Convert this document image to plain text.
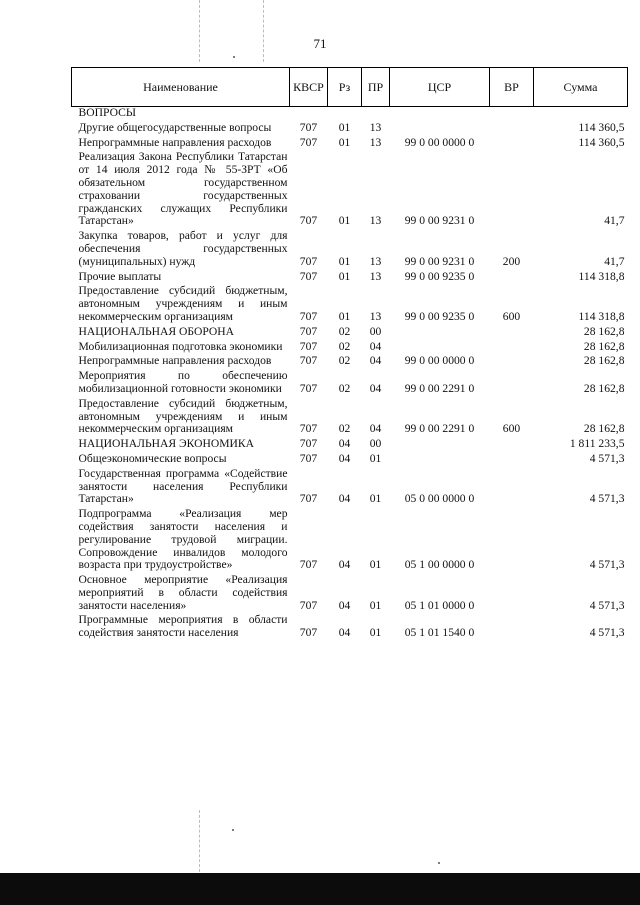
71
Наименование	КВСР	Рз	ПР	ЦСР	ВР	Сумма
ВОПРОСЫ						
Другие общегосударственные вопросы	707	01	13			114 360,5
Непрограммные направления расходов	707	01	13	99 0 00 0000 0		114 360,5
Реализация Закона Республики Татарстан от 14 июля 2012 года № 55-ЗРТ «Об обязательном государственном страховании государственных гражданских служащих Республики Татарстан»	707	01	13	99 0 00 9231 0		41,7
Закупка товаров, работ и услуг для обеспечения государственных (муниципальных) нужд	707	01	13	99 0 00 9231 0	200	41,7
Прочие выплаты	707	01	13	99 0 00 9235 0		114 318,8
Предоставление субсидий бюджетным, автономным учреждениям и иным некоммерческим организациям	707	01	13	99 0 00 9235 0	600	114 318,8
НАЦИОНАЛЬНАЯ ОБОРОНА	707	02	00			28 162,8
Мобилизационная подготовка экономики	707	02	04			28 162,8
Непрограммные направления расходов	707	02	04	99 0 00 0000 0		28 162,8
Мероприятия по обеспечению мобилизационной готовности экономики	707	02	04	99 0 00 2291 0		28 162,8
Предоставление субсидий бюджетным, автономным учреждениям и иным некоммерческим организациям	707	02	04	99 0 00 2291 0	600	28 162,8
НАЦИОНАЛЬНАЯ ЭКОНОМИКА	707	04	00			1 811 233,5
Общеэкономические вопросы	707	04	01			4 571,3
Государственная программа «Содействие занятости населения Республики Татарстан»	707	04	01	05 0 00 0000 0		4 571,3
Подпрограмма «Реализация мер содействия занятости населения и регулирование трудовой миграции. Сопровождение инвалидов молодого возраста при трудоустройстве»	707	04	01	05 1 00 0000 0		4 571,3
Основное мероприятие «Реализация мероприятий в области содействия занятости населения»	707	04	01	05 1 01 0000 0		4 571,3
Программные мероприятия в области содействия занятости населения	707	04	01	05 1 01 1540 0		4 571,3
